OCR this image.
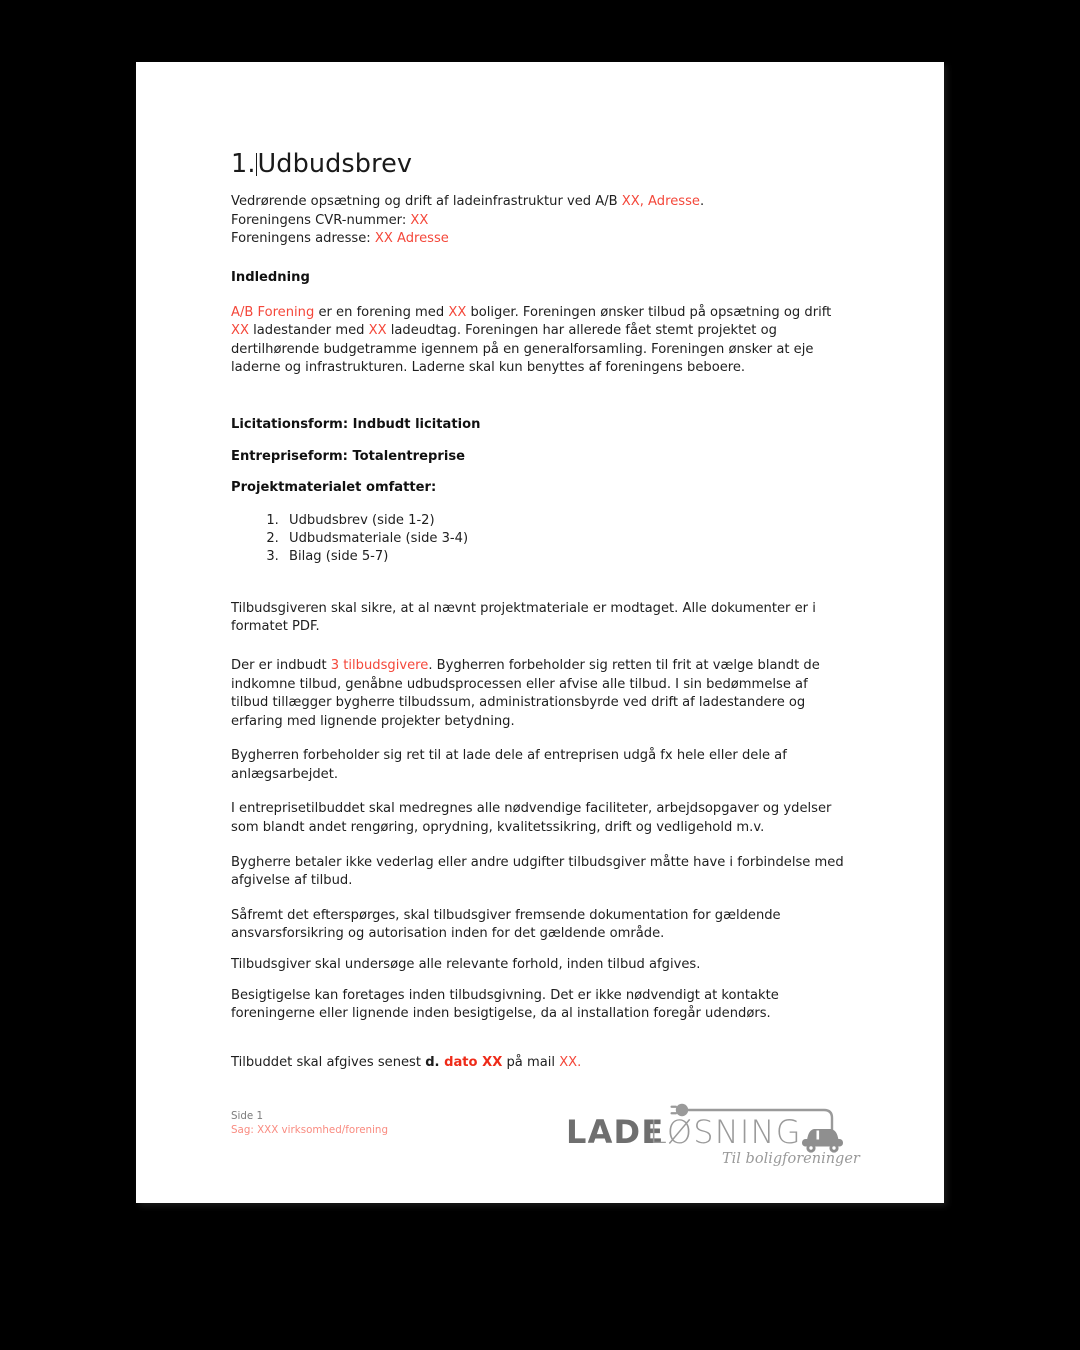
1.Udbudsbrev

Vedrørende opsætning og drift af ladeinfrastruktur ved A/B XX, Adresse.

Foreningens CVR-nummer: XX

Foreningens adresse: XX Adresse

Indledning

A/B Forening er en forening med XX boliger. Foreningen ønsker tilbud på opsætning og drift XX ladestander med XX ladeudtag. Foreningen har allerede fået stemt projektet og dertilhørende budgetramme igennem på en generalforsamling. Foreningen ønsker at eje laderne og infrastrukturen. Laderne skal kun benyttes af foreningens beboere.

Licitationsform: Indbudt licitation

Entrepriseform: Totalentreprise

Projektmaterialet omfatter:

1. Udbudsbrev (side 1-2)
2. Udbudsmateriale (side 3-4)
3. Bilag (side 5-7)

Tilbudsgiveren skal sikre, at al nævnt projektmateriale er modtaget. Alle dokumenter er i formatet PDF.

Der er indbudt 3 tilbudsgivere. Bygherren forbeholder sig retten til frit at vælge blandt de indkomne tilbud, genåbne udbudsprocessen eller afvise alle tilbud. I sin bedømmelse af tilbud tillægger bygherre tilbudssum, administrationsbyrde ved drift af ladestandere og erfaring med lignende projekter betydning.

Bygherren forbeholder sig ret til at lade dele af entreprisen udgå fx hele eller dele af anlægsarbejdet.

I entreprisetilbuddet skal medregnes alle nødvendige faciliteter, arbejdsopgaver og ydelser som blandt andet rengøring, oprydning, kvalitetssikring, drift og vedligehold m.v.

Bygherre betaler ikke vederlag eller andre udgifter tilbudsgiver måtte have i forbindelse med afgivelse af tilbud.

Såfremt det efterspørges, skal tilbudsgiver fremsende dokumentation for gældende ansvarsforsikring og autorisation inden for det gældende område.

Tilbudsgiver skal undersøge alle relevante forhold, inden tilbud afgives.

Besigtigelse kan foretages inden tilbudsgivning. Det er ikke nødvendigt at kontakte foreningerne eller lignende inden besigtigelse, da al installation foregår udendørs.

Tilbuddet skal afgives senest d. dato XX på mail XX.

Side 1
Sag: XXX virksomhed/forening	LADE
LØSNING
Til boligforeninger
